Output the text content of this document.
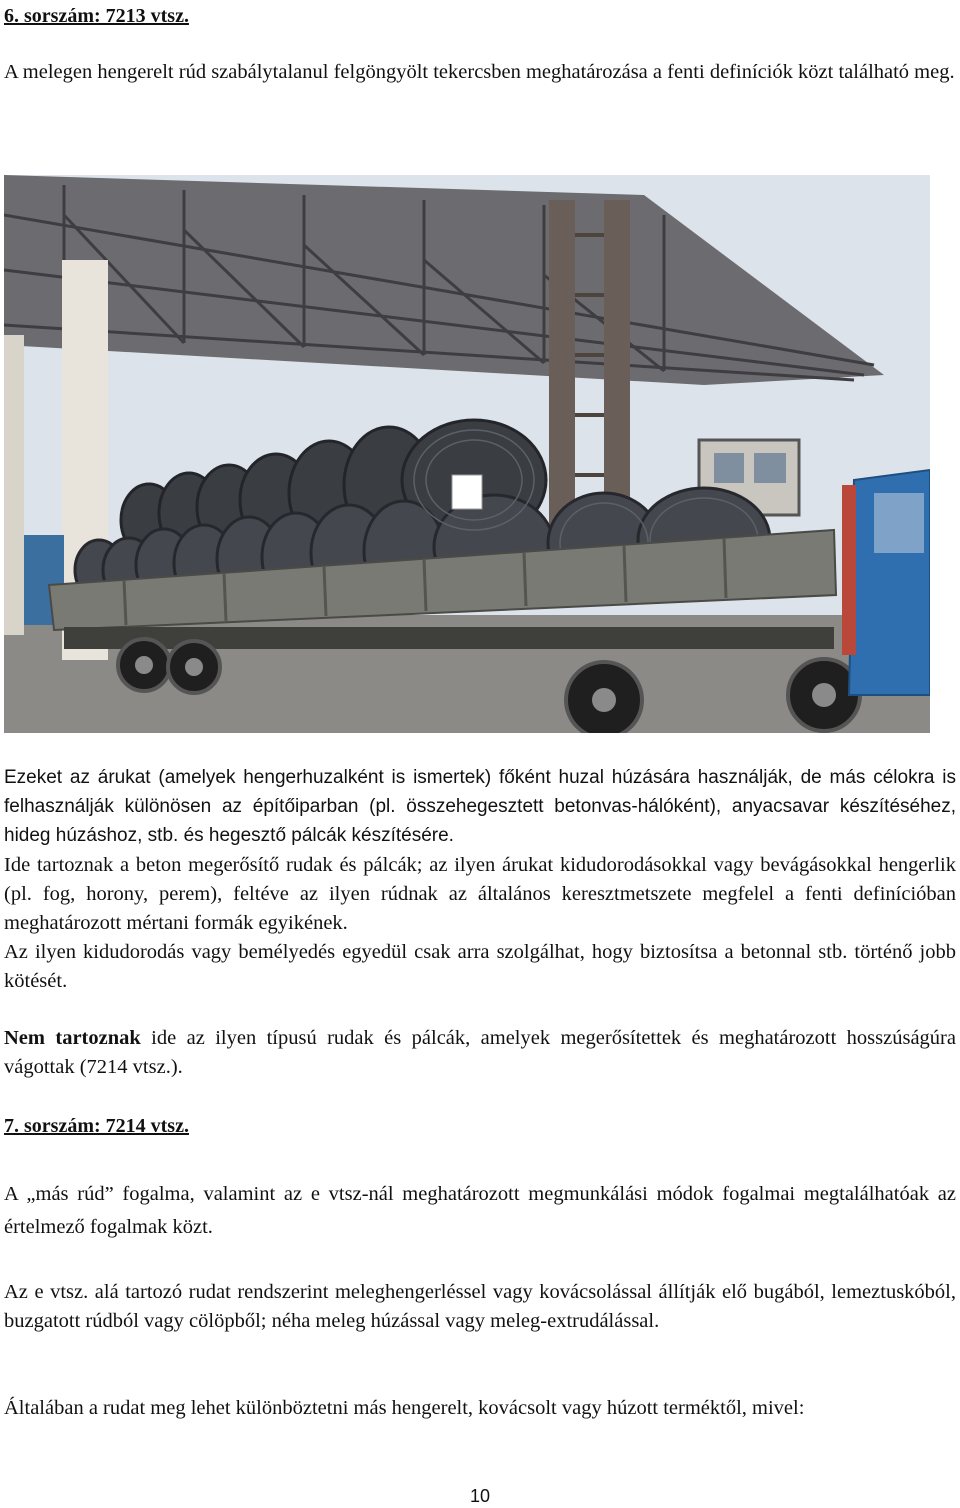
6. sorszám: 7213 vtsz.
A melegen hengerelt rúd szabálytalanul felgöngyölt tekercsben meghatározása a fenti definíciók közt található meg.
Ezeket az árukat (amelyek hengerhuzalként is ismertek) főként huzal húzására használják, de más célokra is felhasználják különösen az építőiparban (pl. összehegesztett betonvas-hálóként), anyacsavar készítéséhez, hideg húzáshoz, stb. és hegesztő pálcák készítésére.
Ide tartoznak a beton megerősítő rudak és pálcák; az ilyen árukat kidudorodásokkal vagy bevágásokkal hengerlik (pl. fog, horony, perem), feltéve az ilyen rúdnak az általános keresztmetszete megfelel a fenti definícióban meghatározott mértani formák egyikének.
Az ilyen kidudorodás vagy bemélyedés egyedül csak arra szolgálhat, hogy biztosítsa a betonnal stb. történő jobb kötését.
Nem tartoznak ide az ilyen típusú rudak és pálcák, amelyek megerősítettek és meghatározott hosszúságúra vágottak (7214 vtsz.).
7. sorszám: 7214 vtsz.
A „más rúd” fogalma, valamint az e vtsz-nál meghatározott megmunkálási módok fogalmai megtalálhatóak az értelmező fogalmak közt.
Az e vtsz. alá tartozó rudat rendszerint meleghengerléssel vagy kovácsolással állítják elő bugából, lemeztuskóból, buzgatott rúdból vagy cölöpből; néha meleg húzással vagy meleg-extrudálással.
Általában a rudat meg lehet különböztetni más hengerelt, kovácsolt vagy húzott terméktől, mivel:
10
